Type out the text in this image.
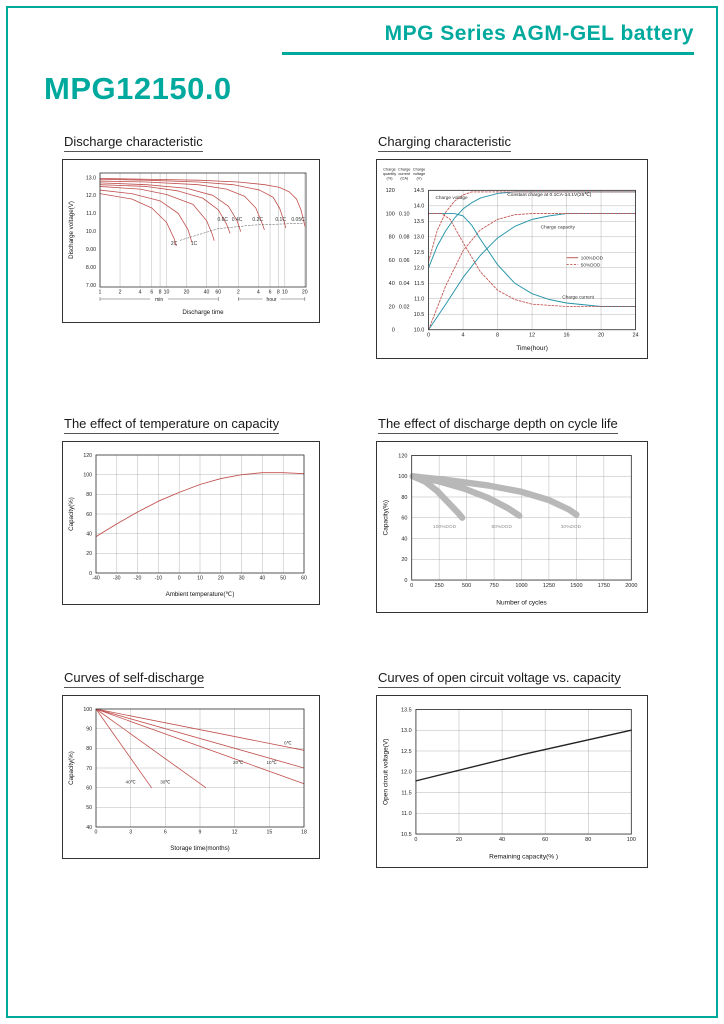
MPG Series AGM-GEL battery
MPG12150.0
Discharge characteristic
1	2	4 6 8 10	20	40 60	2	4 6 8 10	20
min	hour
Discharge time
13.0
12.0
11.0
10.0
9.00
8.00
7.00
Discharge voltage(V)	2C	1C
0.6C 0.4C 0.2C 0.1C 0.05C
Charging characteristic
0	4	8	12	16	20	24
Time(hour)
0
20
40
60
80
100
120
Charge
quantity
(%)
0.02
0.04
0.06
0.08
0.10
Charge
current
(CA)
10.0
10.5
11.0
11.5
12.0
12.5
13.0
13.5
14.0
14.5
Charge
voltage
(V)
Constant charge at 0.1CA-14.1V(25℃)
Charge voltage
Charge capacity
Charge current
100%DOD
50%DOD
The effect of temperature on capacity
-40	-30	-20	-10	0	10	20	30	40	50	60
Ambient temperature(℃)
0
20
40
60
80
100
120
Capacity(%)
The effect of discharge depth on cycle life
0	250	500	750	1000	1250	1500	1750	2000
Number of cycles
0
20
40
60
80
100
120
Capacity(%)	100%DOD	50%DOD	30%DOD
Curves of self-discharge
0	3	6	9	12	15	18
Storage time(months)
40
50
60
70
80
90
100
Capacity(%)
0℃
10℃
20℃
30℃
40℃
Curves of open circuit voltage vs. capacity
0	20	40	60	80	100
Remaining capacity(% )
10.5
11.0
11.5
12.0
12.5
13.0
13.5
Open circuit voltage(V)
